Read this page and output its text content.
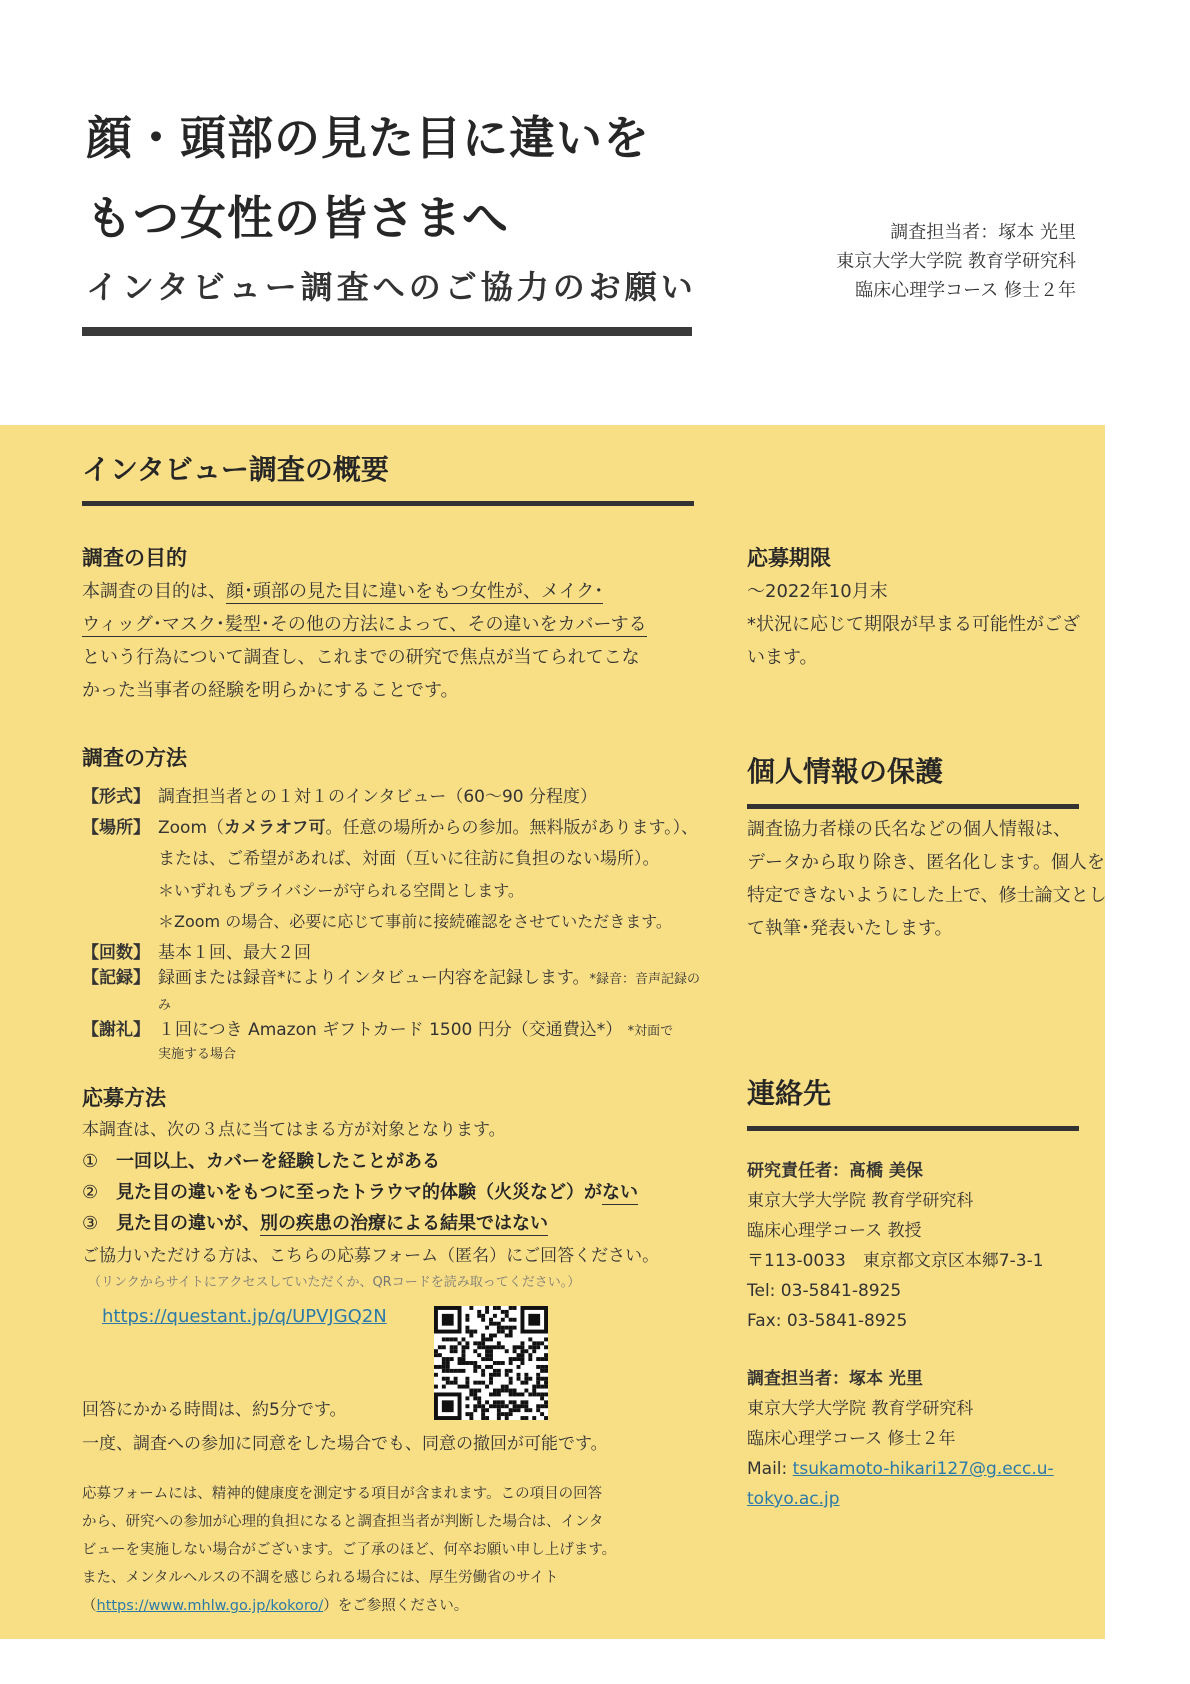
顔・頭部の見た目に違いを
もつ女性の皆さまへ	調査担当者：塚本 光里
東京大学大学院 教育学研究科
臨床心理学コース 修士２年
インタビュー調査へのご協力のお願い
インタビュー調査の概要
調査の目的
本調査の目的は、顔･頭部の見た目に違いをもつ女性が、メイク･
ウィッグ･マスク･髪型･その他の方法によって、その違いをカバーする
という行為について調査し、これまでの研究で焦点が当てられてこな
かった当事者の経験を明らかにすることです。
調査の方法
【形式】 調査担当者との１対１のインタビュー（60～90 分程度）
【場所】 Zoom（カメラオフ可。任意の場所からの参加。無料版があります。）、
または、ご希望があれば、対面（互いに往訪に負担のない場所）。
＊いずれもプライバシーが守られる空間とします。
＊Zoom の場合、必要に応じて事前に接続確認をさせていただきます。
【回数】 基本１回、最大２回
【記録】 録画または録音*によりインタビュー内容を記録します。*録音：音声記録のみ
【謝礼】 １回につき Amazon ギフトカード 1500 円分（交通費込*） *対面で
実施する場合
応募方法
本調査は、次の３点に当てはまる方が対象となります。
① 一回以上、カバーを経験したことがある
② 見た目の違いをもつに至ったトラウマ的体験（火災など）がない
③ 見た目の違いが、別の疾患の治療による結果ではない
ご協力いただける方は、こちらの応募フォーム（匿名）にご回答ください。
（リンクからサイトにアクセスしていただくか、QRコードを読み取ってください。）
https://questant.jp/q/UPVJGQ2N
回答にかかる時間は、約5分です。
一度、調査への参加に同意をした場合でも、同意の撤回が可能です。
応募フォームには、精神的健康度を測定する項目が含まれます。この項目の回答
から、研究への参加が心理的負担になると調査担当者が判断した場合は、インタ
ビューを実施しない場合がございます。ご了承のほど、何卒お願い申し上げます。
また、メンタルヘルスの不調を感じられる場合には、厚生労働省のサイト
（https://www.mhlw.go.jp/kokoro/）をご参照ください。
応募期限
～2022年10月末
*状況に応じて期限が早まる可能性がござ
います。
個人情報の保護
調査協力者様の氏名などの個人情報は、
データから取り除き、匿名化します。個人を
特定できないようにした上で、修士論文とし
て執筆･発表いたします。
連絡先
研究責任者：髙橋 美保
東京大学大学院 教育学研究科
臨床心理学コース 教授
〒113-0033　東京都文京区本郷7-3-1
Tel: 03-5841-8925
Fax: 03-5841-8925
調査担当者：塚本 光里
東京大学大学院 教育学研究科
臨床心理学コース 修士２年
Mail: tsukamoto-hikari127@g.ecc.u-
tokyo.ac.jp
